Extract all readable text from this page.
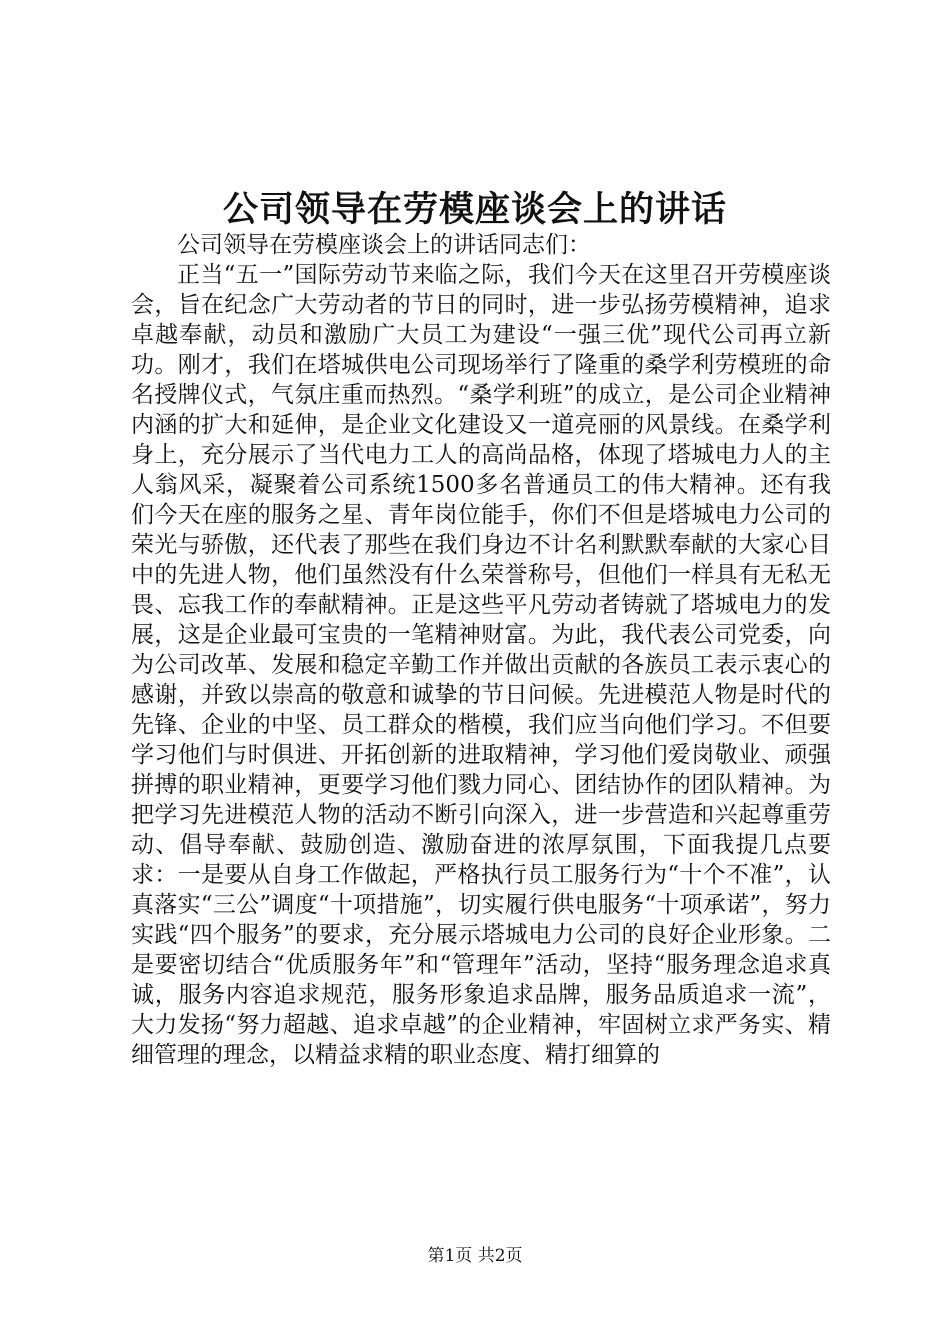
公司领导在劳模座谈会上的讲话

公司领导在劳模座谈会上的讲话同志们：

正当“五一”国际劳动节来临之际，我们今天在这里召开劳模座谈会，旨在纪念广大劳动者的节日的同时，进一步弘扬劳模精神，追求卓越奉献，动员和激励广大员工为建设“一强三优”现代公司再立新功。刚才，我们在塔城供电公司现场举行了隆重的桑学利劳模班的命名授牌仪式，气氛庄重而热烈。“桑学利班”的成立，是公司企业精神内涵的扩大和延伸，是企业文化建设又一道亮丽的风景线。在桑学利身上，充分展示了当代电力工人的高尚品格，体现了塔城电力人的主人翁风采，凝聚着公司系统1500多名普通员工的伟大精神。还有我们今天在座的服务之星、青年岗位能手，你们不但是塔城电力公司的荣光与骄傲，还代表了那些在我们身边不计名利默默奉献的大家心目中的先进人物，他们虽然没有什么荣誉称号，但他们一样具有无私无畏、忘我工作的奉献精神。正是这些平凡劳动者铸就了塔城电力的发展，这是企业最可宝贵的一笔精神财富。为此，我代表公司党委，向为公司改革、发展和稳定辛勤工作并做出贡献的各族员工表示衷心的感谢，并致以崇高的敬意和诚挚的节日问候。先进模范人物是时代的先锋、企业的中坚、员工群众的楷模，我们应当向他们学习。不但要学习他们与时俱进、开拓创新的进取精神，学习他们爱岗敬业、顽强拼搏的职业精神，更要学习他们戮力同心、团结协作的团队精神。为把学习先进模范人物的活动不断引向深入，进一步营造和兴起尊重劳动、倡导奉献、鼓励创造、激励奋进的浓厚氛围，下面我提几点要求：一是要从自身工作做起，严格执行员工服务行为“十个不准”，认真落实“三公”调度“十项措施”，切实履行供电服务“十项承诺”，努力实践“四个服务”的要求，充分展示塔城电力公司的良好企业形象。二是要密切结合“优质服务年”和“管理年”活动，坚持“服务理念追求真诚，服务内容追求规范，服务形象追求品牌，服务品质追求一流”，大力发扬“努力超越、追求卓越”的企业精神，牢固树立求严务实、精细管理的理念，以精益求精的职业态度、精打细算的

第1页 共2页
